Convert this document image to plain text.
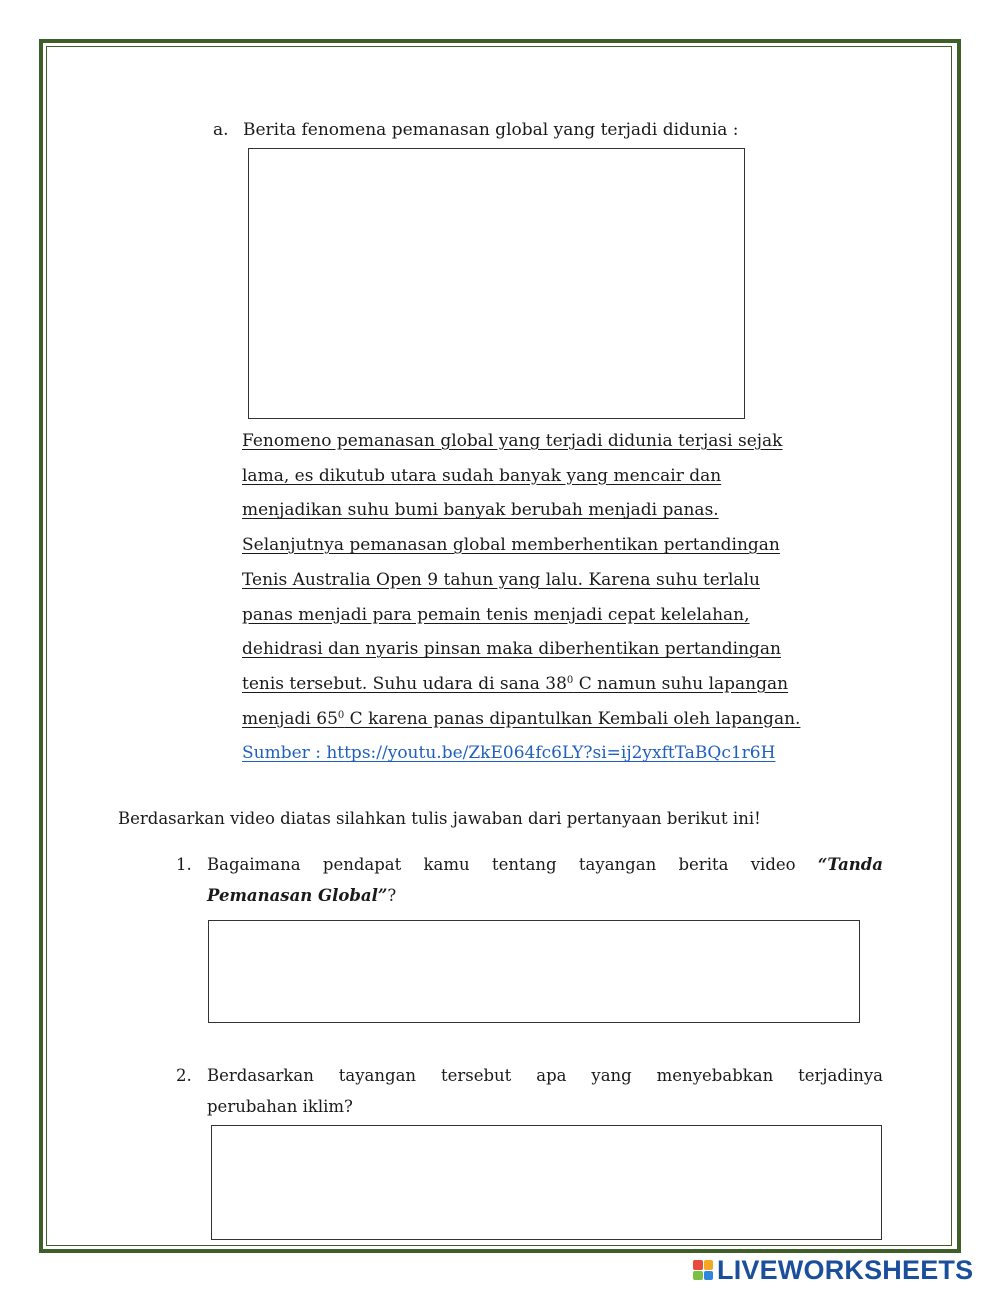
a. Berita fenomena pemanasan global yang terjadi didunia :
Fenomeno pemanasan global yang terjadi didunia terjasi sejak
lama, es dikutub utara sudah banyak yang mencair dan
menjadikan suhu bumi banyak berubah menjadi panas.
Selanjutnya pemanasan global memberhentikan pertandingan
Tenis Australia Open 9 tahun yang lalu. Karena suhu terlalu
panas menjadi para pemain tenis menjadi cepat kelelahan,
dehidrasi dan nyaris pinsan maka diberhentikan pertandingan
tenis tersebut. Suhu udara di sana $38^0$ C namun suhu lapangan
menjadi $65^0$ C karena panas dipantulkan Kembali oleh lapangan.
Sumber : https://youtu.be/ZkE064fc6LY?si=ij2yxftTaBQc1r6H
Berdasarkan video diatas silahkan tulis jawaban dari pertanyaan berikut ini!
1. Bagaimana pendapat kamu tentang tayangan berita video “Tanda
Pemanasan Global”?
2. Berdasarkan tayangan tersebut apa yang menyebabkan terjadinya
perubahan iklim?
LIVEWORKSHEETS
